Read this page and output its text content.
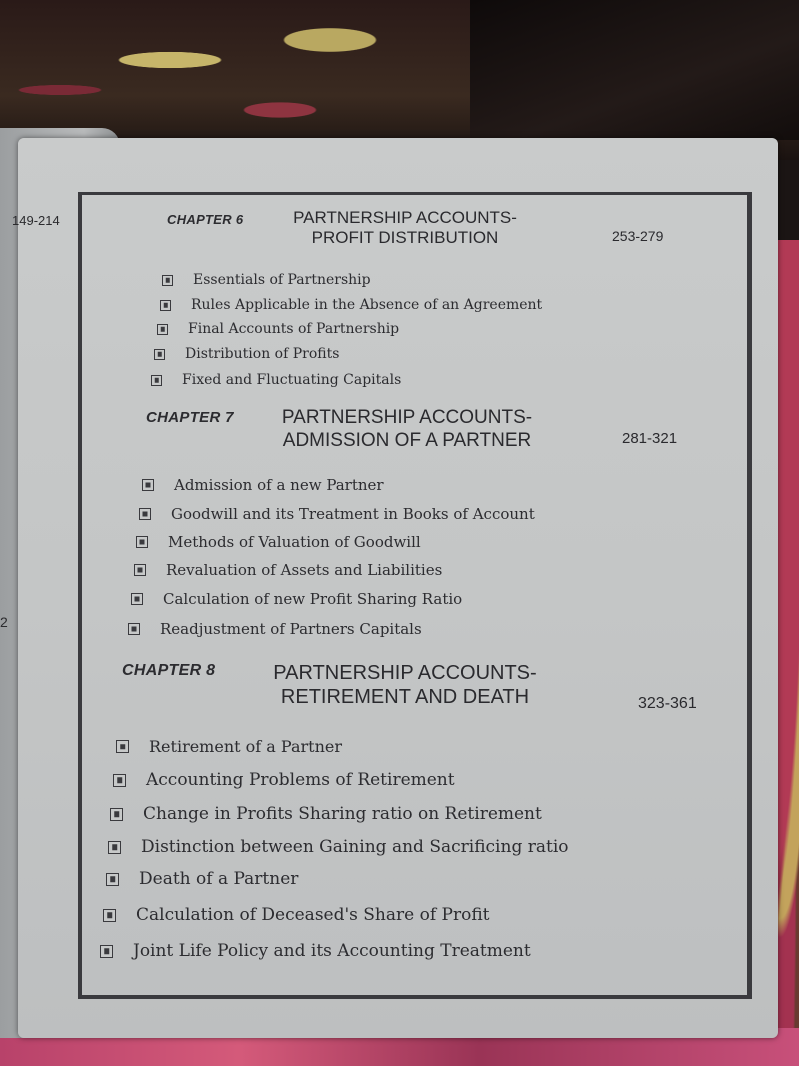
149-214
2
CHAPTER 6	PARTNERSHIP ACCOUNTS-
PROFIT DISTRIBUTION	253-279
Essentials of Partnership
Rules Applicable in the Absence of an Agreement
Final Accounts of Partnership
Distribution of Profits
Fixed and Fluctuating Capitals
CHAPTER 7	PARTNERSHIP ACCOUNTS-
ADMISSION OF A PARTNER	281-321
Admission of a new Partner
Goodwill and its Treatment in Books of Account
Methods of Valuation of Goodwill
Revaluation of Assets and Liabilities
Calculation of new Profit Sharing Ratio
Readjustment of Partners Capitals
CHAPTER 8	PARTNERSHIP ACCOUNTS-
RETIREMENT AND DEATH	323-361
Retirement of a Partner
Accounting Problems of Retirement
Change in Profits Sharing ratio on Retirement
Distinction between Gaining and Sacrificing ratio
Death of a Partner
Calculation of Deceased's Share of Profit
Joint Life Policy and its Accounting Treatment
